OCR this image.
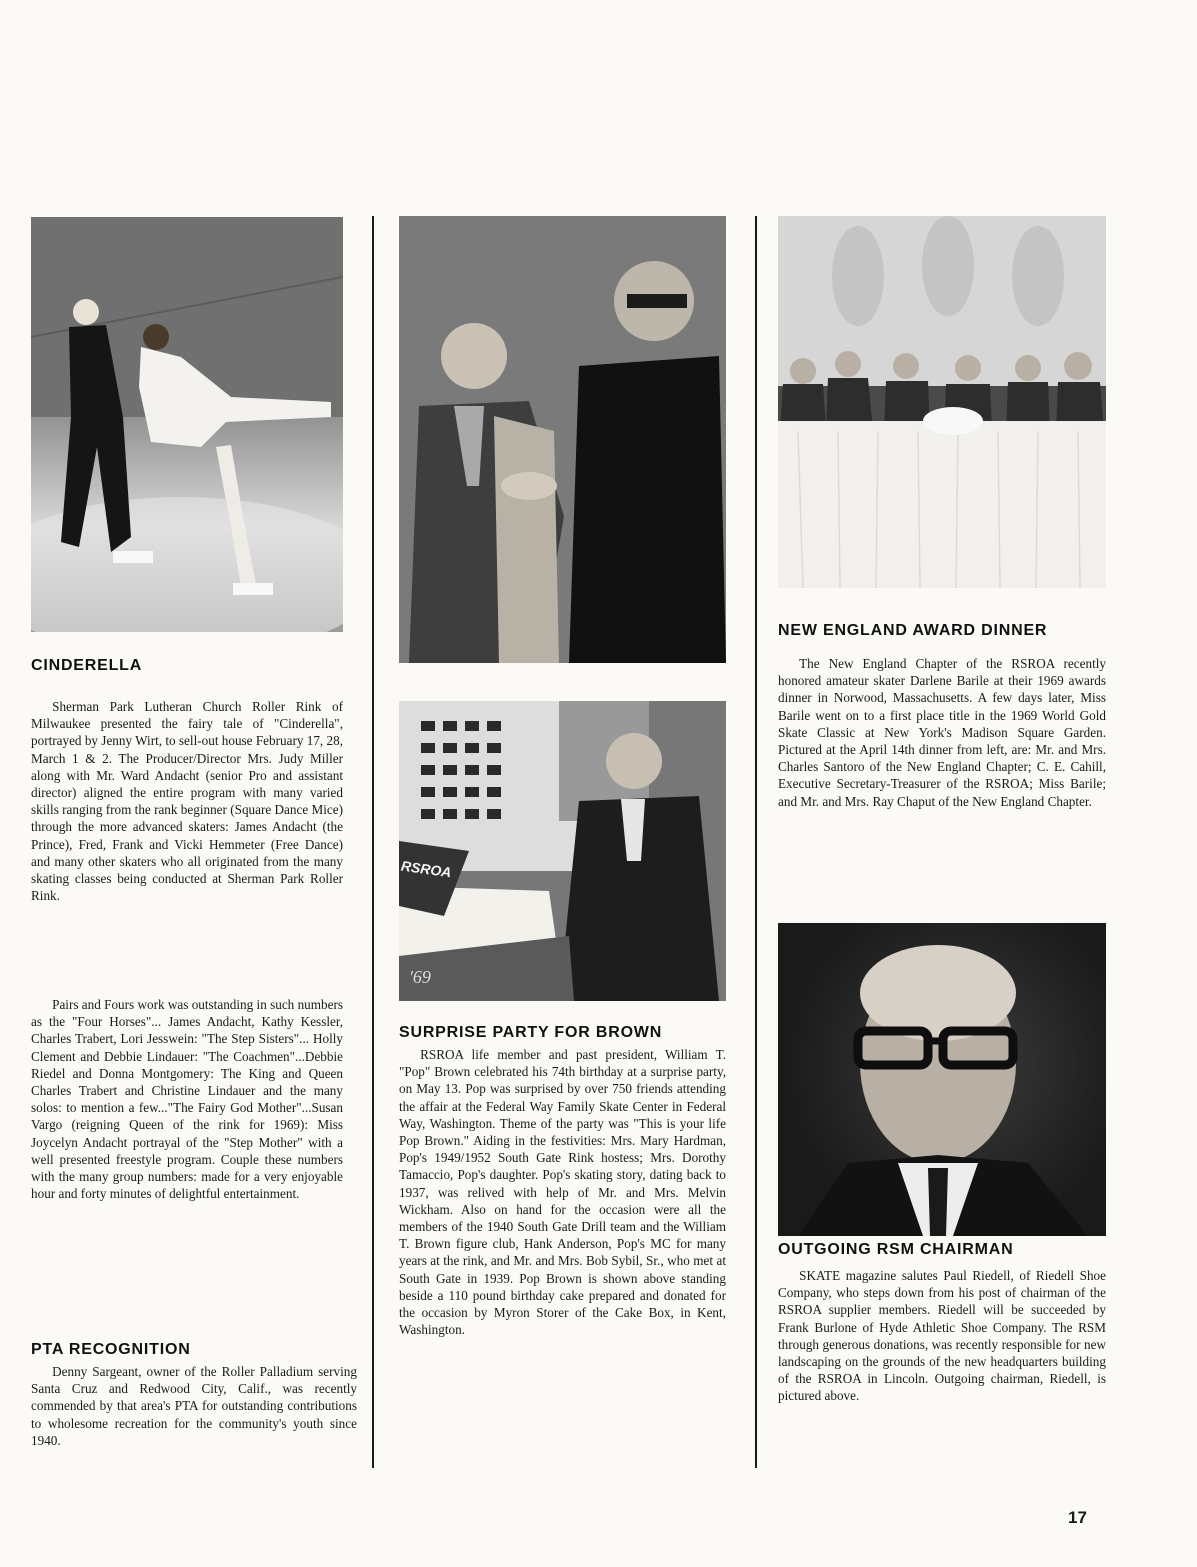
RSROA
'69
CINDERELLA

Sherman Park Lutheran Church Roller Rink of Milwaukee presented the fairy tale of "Cinderella", portrayed by Jenny Wirt, to sell-out house February 17, 28, March 1 & 2. The Producer/Director Mrs. Judy Miller along with Mr. Ward Andacht (senior Pro and assistant director) aligned the entire program with many varied skills ranging from the rank beginner (Square Dance Mice) through the more advanced skaters: James Andacht (the Prince), Fred, Frank and Vicki Hemmeter (Free Dance) and many other skaters who all originated from the many skating classes being conducted at Sherman Park Roller Rink.

Pairs and Fours work was outstanding in such numbers as the "Four Horses"... James Andacht, Kathy Kessler, Charles Trabert, Lori Jesswein: "The Step Sisters"... Holly Clement and Debbie Lindauer: "The Coachmen"...Debbie Riedel and Donna Montgomery: The King and Queen Charles Trabert and Christine Lindauer and the many solos: to mention a few..."The Fairy God Mother"...Susan Vargo (reigning Queen of the rink for 1969): Miss Joycelyn Andacht portrayal of the "Step Mother" with a well presented freestyle program. Couple these numbers with the many group numbers: made for a very enjoyable hour and forty minutes of delightful entertainment.

PTA RECOGNITION

Denny Sargeant, owner of the Roller Palladium serving Santa Cruz and Redwood City, Calif., was recently commended by that area's PTA for outstanding contributions to wholesome recreation for the community's youth since 1940.

SURPRISE PARTY FOR BROWN

RSROA life member and past president, William T. "Pop" Brown celebrated his 74th birthday at a surprise party, on May 13. Pop was surprised by over 750 friends attending the affair at the Federal Way Family Skate Center in Federal Way, Washington. Theme of the party was "This is your life Pop Brown." Aiding in the festivities: Mrs. Mary Hardman, Pop's 1949/1952 South Gate Rink hostess; Mrs. Dorothy Tamaccio, Pop's daughter. Pop's skating story, dating back to 1937, was relived with help of Mr. and Mrs. Melvin Wickham. Also on hand for the occasion were all the members of the 1940 South Gate Drill team and the William T. Brown figure club, Hank Anderson, Pop's MC for many years at the rink, and Mr. and Mrs. Bob Sybil, Sr., who met at South Gate in 1939. Pop Brown is shown above standing beside a 110 pound birthday cake prepared and donated for the occasion by Myron Storer of the Cake Box, in Kent, Washington.

NEW ENGLAND AWARD DINNER

The New England Chapter of the RSROA recently honored amateur skater Darlene Barile at their 1969 awards dinner in Norwood, Massachusetts. A few days later, Miss Barile went on to a first place title in the 1969 World Gold Skate Classic at New York's Madison Square Garden. Pictured at the April 14th dinner from left, are: Mr. and Mrs. Charles Santoro of the New England Chapter; C. E. Cahill, Executive Secretary-Treasurer of the RSROA; Miss Barile; and Mr. and Mrs. Ray Chaput of the New England Chapter.

OUTGOING RSM CHAIRMAN

SKATE magazine salutes Paul Riedell, of Riedell Shoe Company, who steps down from his post of chairman of the RSROA supplier members. Riedell will be succeeded by Frank Burlone of Hyde Athletic Shoe Company. The RSM through generous donations, was recently responsible for new landscaping on the grounds of the new headquarters building of the RSROA in Lincoln. Outgoing chairman, Riedell, is pictured above.

17
